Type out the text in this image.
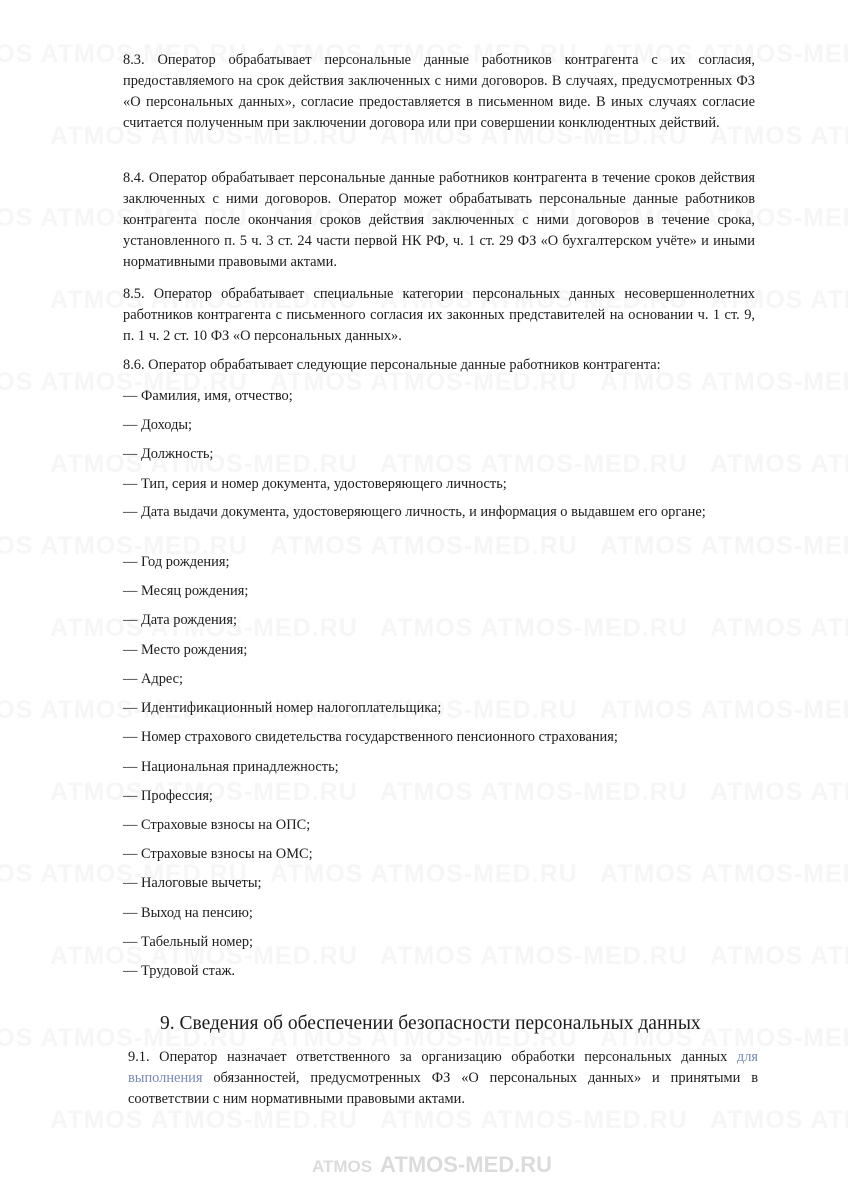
ATMOS ATMOS-MED.RU

8.3. Оператор обрабатывает персональные данные работников контрагента с их согласия, предоставляемого на срок действия заключенных с ними договоров. В случаях, предусмотренных ФЗ «О персональных данных», согласие предоставляется в письменном виде. В иных случаях согласие считается полученным при заключении договора или при совершении конклюдентных действий.

8.4. Оператор обрабатывает персональные данные работников контрагента в течение сроков действия заключенных с ними договоров. Оператор может обрабатывать персональные данные работников контрагента после окончания сроков действия заключенных с ними договоров в течение срока, установленного п. 5 ч. 3 ст. 24 части первой НК РФ, ч. 1 ст. 29 ФЗ «О бухгалтерском учёте» и иными нормативными правовыми актами.

8.5. Оператор обрабатывает специальные категории персональных данных несовершеннолетних работников контрагента с письменного согласия их законных представителей на основании ч. 1 ст. 9, п. 1 ч. 2 ст. 10 ФЗ «О персональных данных».

8.6. Оператор обрабатывает следующие персональные данные работников контрагента:

— Фамилия, имя, отчество;

— Доходы;

— Должность;

— Тип, серия и номер документа, удостоверяющего личность;

— Дата выдачи документа, удостоверяющего личность, и информация о выдавшем его органе;

— Год рождения;

— Месяц рождения;

— Дата рождения;

— Место рождения;

— Адрес;

— Идентификационный номер налогоплательщика;

— Номер страхового свидетельства государственного пенсионного страхования;

— Национальная принадлежность;

— Профессия;

— Страховые взносы на ОПС;

— Страховые взносы на ОМС;

— Налоговые вычеты;

— Выход на пенсию;

— Табельный номер;

— Трудовой стаж.

9. Сведения об обеспечении безопасности персональных данных

9.1. Оператор назначает ответственного за организацию обработки персональных данных для выполнения обязанностей, предусмотренных ФЗ «О персональных данных» и принятыми в соответствии с ним нормативными правовыми актами.
